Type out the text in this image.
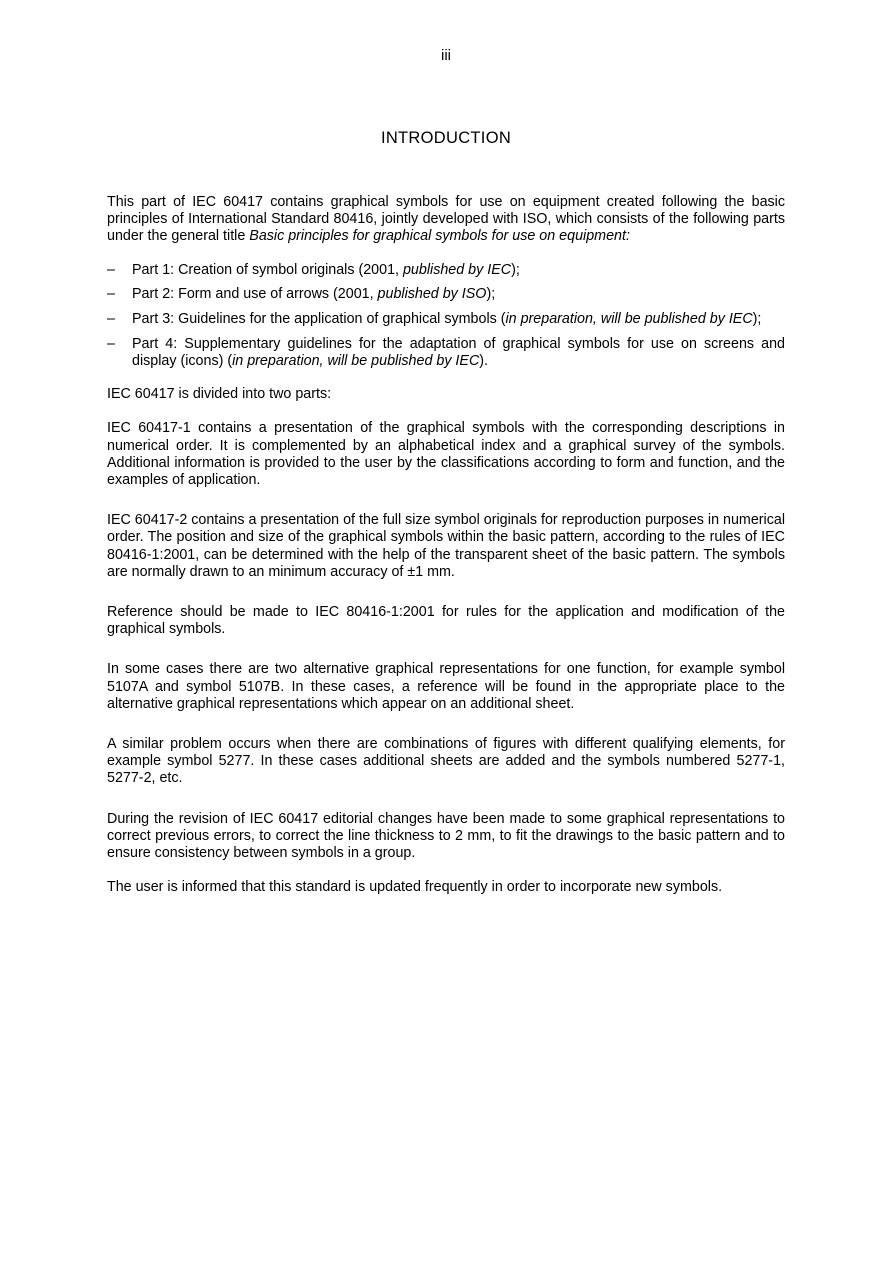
iii
INTRODUCTION

This part of IEC 60417 contains graphical symbols for use on equipment created following the basic principles of International Standard 80416, jointly developed with ISO, which consists of the following parts under the general title Basic principles for graphical symbols for use on equipment:

– Part 1: Creation of symbol originals (2001, published by IEC);
– Part 2: Form and use of arrows (2001, published by ISO);
– Part 3: Guidelines for the application of graphical symbols (in preparation, will be published by IEC);
– Part 4: Supplementary guidelines for the adaptation of graphical symbols for use on screens and display (icons) (in preparation, will be published by IEC).

IEC 60417 is divided into two parts:

IEC 60417-1 contains a presentation of the graphical symbols with the corresponding descriptions in numerical order. It is complemented by an alphabetical index and a graphical survey of the symbols. Additional information is provided to the user by the classifications according to form and function, and the examples of application.

IEC 60417-2 contains a presentation of the full size symbol originals for reproduction purposes in numerical order. The position and size of the graphical symbols within the basic pattern, according to the rules of IEC 80416-1:2001, can be determined with the help of the transparent sheet of the basic pattern. The symbols are normally drawn to an minimum accuracy of ±1 mm.

Reference should be made to IEC 80416-1:2001 for rules for the application and modification of the graphical symbols.

In some cases there are two alternative graphical representations for one function, for example symbol 5107A and symbol 5107B. In these cases, a reference will be found in the appropriate place to the alternative graphical representations which appear on an additional sheet.

A similar problem occurs when there are combinations of figures with different qualifying elements, for example symbol 5277. In these cases additional sheets are added and the symbols numbered 5277-1, 5277-2, etc.

During the revision of IEC 60417 editorial changes have been made to some graphical representations to correct previous errors, to correct the line thickness to 2 mm, to fit the drawings to the basic pattern and to ensure consistency between symbols in a group.

The user is informed that this standard is updated frequently in order to incorporate new symbols.
